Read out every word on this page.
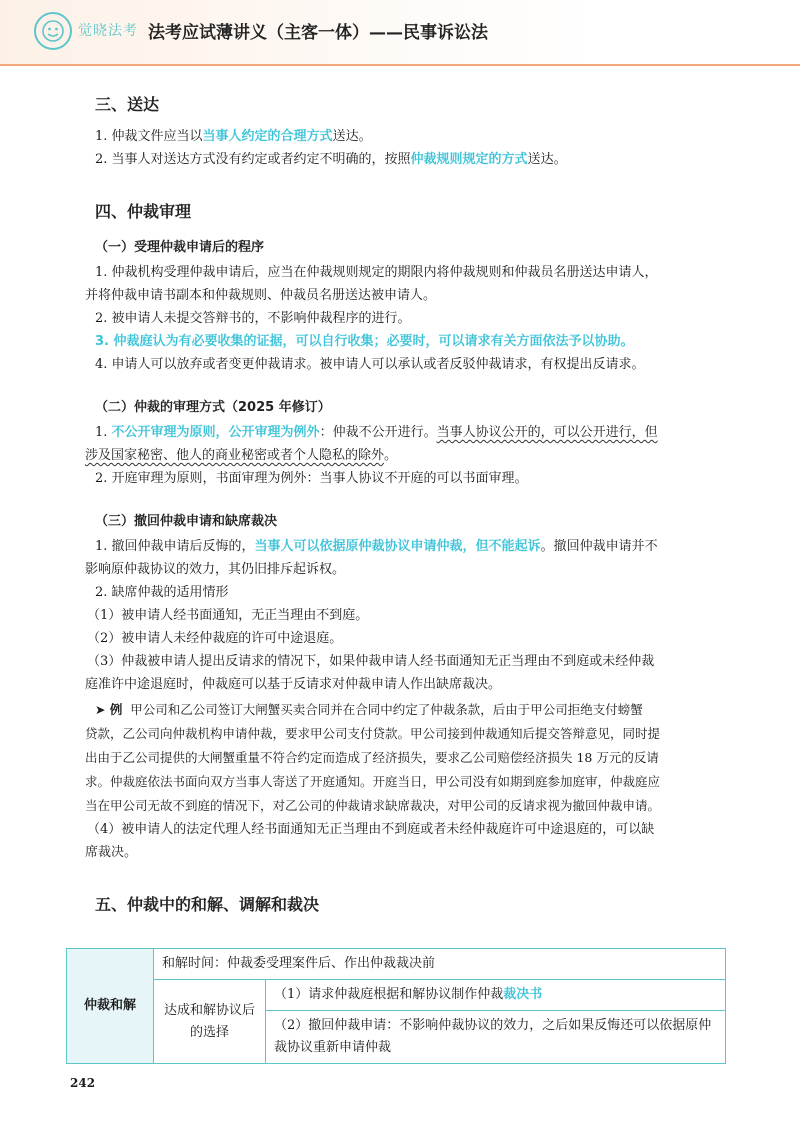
觉晓法考 法考应试薄讲义（主客一体）——民事诉讼法
三、送达

1. 仲裁文件应当以当事人约定的合理方式送达。

2. 当事人对送达方式没有约定或者约定不明确的，按照仲裁规则规定的方式送达。

四、仲裁审理
（一）受理仲裁申请后的程序

1. 仲裁机构受理仲裁申请后，应当在仲裁规则规定的期限内将仲裁规则和仲裁员名册送达申请人，

并将仲裁申请书副本和仲裁规则、仲裁员名册送达被申请人。

2. 被申请人未提交答辩书的，不影响仲裁程序的进行。

3. 仲裁庭认为有必要收集的证据，可以自行收集；必要时，可以请求有关方面依法予以协助。

4. 申请人可以放弃或者变更仲裁请求。被申请人可以承认或者反驳仲裁请求，有权提出反请求。

（二）仲裁的审理方式（2025 年修订）

1. 不公开审理为原则，公开审理为例外：仲裁不公开进行。当事人协议公开的，可以公开进行，但

涉及国家秘密、他人的商业秘密或者个人隐私的除外。

2. 开庭审理为原则，书面审理为例外：当事人协议不开庭的可以书面审理。

（三）撤回仲裁申请和缺席裁决

1. 撤回仲裁申请后反悔的，当事人可以依据原仲裁协议申请仲裁，但不能起诉。撤回仲裁申请并不

影响原仲裁协议的效力，其仍旧排斥起诉权。

2. 缺席仲裁的适用情形

（1）被申请人经书面通知，无正当理由不到庭。

（2）被申请人未经仲裁庭的许可中途退庭。

（3）仲裁被申请人提出反请求的情况下，如果仲裁申请人经书面通知无正当理由不到庭或未经仲裁

庭准许中途退庭时，仲裁庭可以基于反请求对仲裁申请人作出缺席裁决。

➤ 例 甲公司和乙公司签订大闸蟹买卖合同并在合同中约定了仲裁条款，后由于甲公司拒绝支付螃蟹

贷款，乙公司向仲裁机构申请仲裁，要求甲公司支付贷款。甲公司接到仲裁通知后提交答辩意见，同时提

出由于乙公司提供的大闸蟹重量不符合约定而造成了经济损失，要求乙公司赔偿经济损失 18 万元的反请

求。仲裁庭依法书面向双方当事人寄送了开庭通知。开庭当日，甲公司没有如期到庭参加庭审，仲裁庭应

当在甲公司无故不到庭的情况下，对乙公司的仲裁请求缺席裁决，对甲公司的反请求视为撤回仲裁申请。

（4）被申请人的法定代理人经书面通知无正当理由不到庭或者未经仲裁庭许可中途退庭的，可以缺

席裁决。

五、仲裁中的和解、调解和裁决
仲裁和解	和解时间：仲裁委受理案件后、作出仲裁裁决前	

	达成和解协议后
的选择	（1）请求仲裁庭根据和解协议制作仲裁裁决书
		（2）撤回仲裁申请：不影响仲裁协议的效力，之后如果反悔还可以依据原仲裁协议重新申请仲裁
242
